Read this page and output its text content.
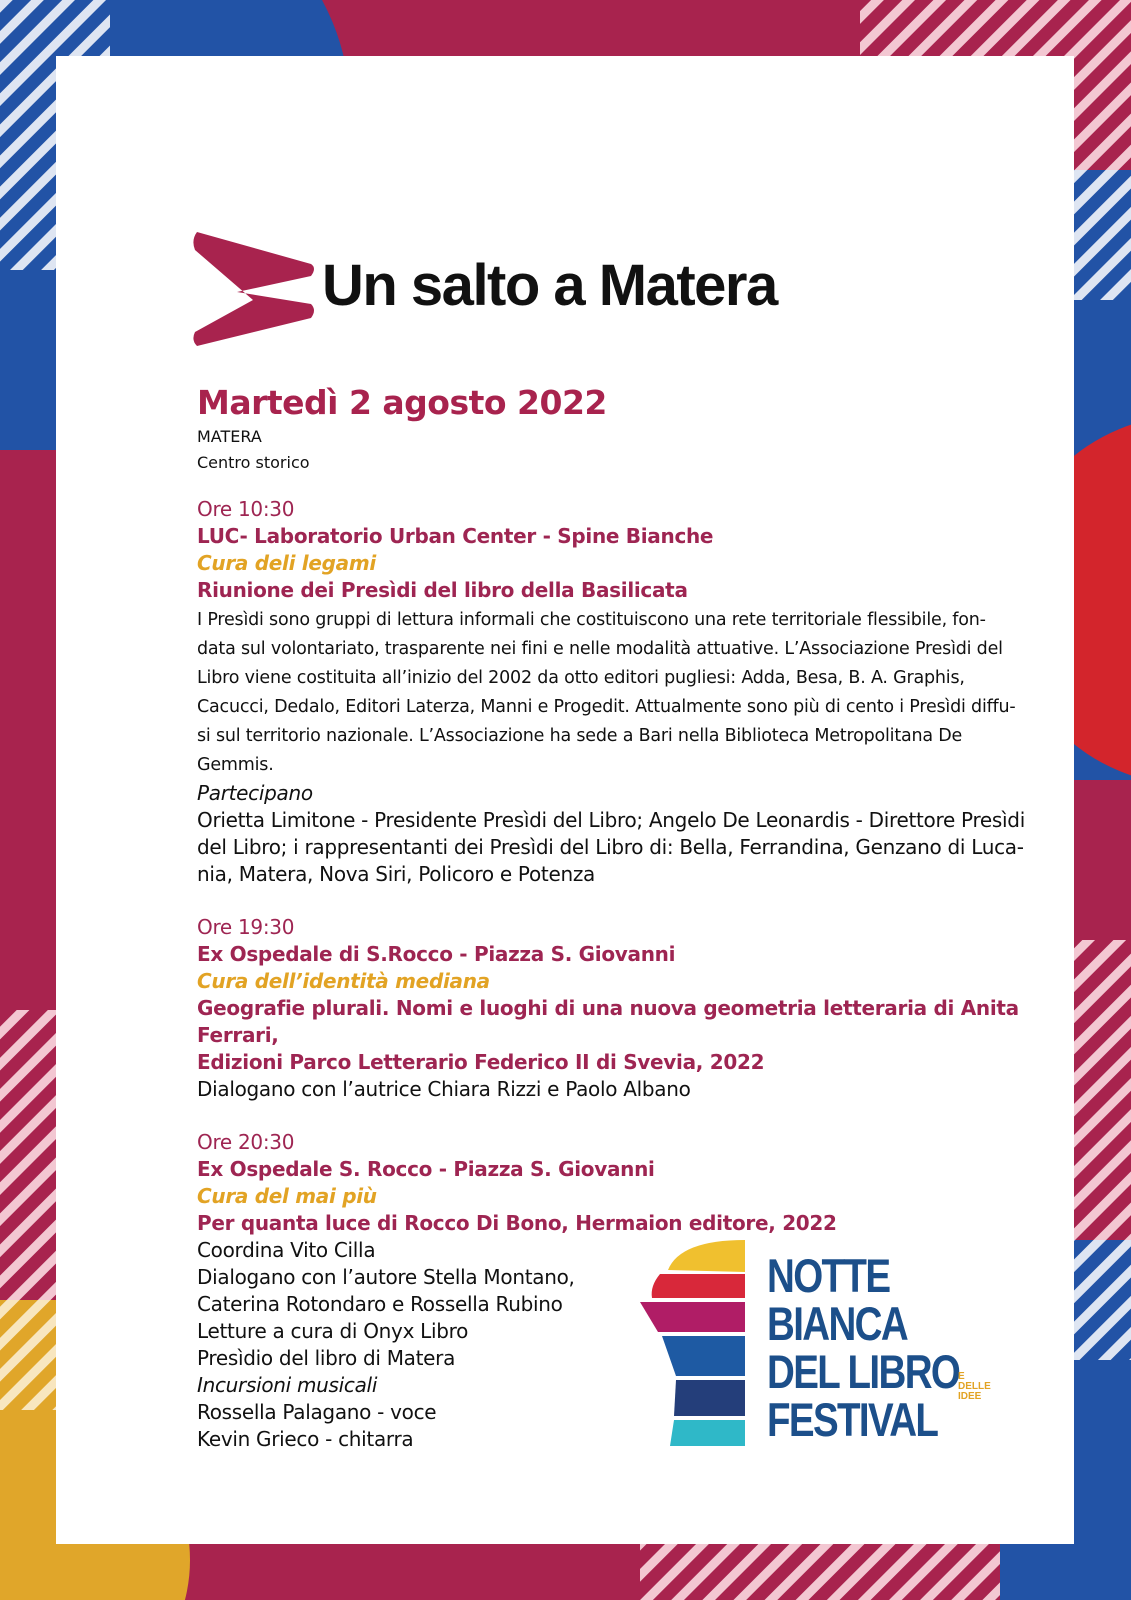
Un salto a Matera
Martedì 2 agosto 2022
MATERA
Centro storico
Ore 10:30
LUC- Laboratorio Urban Center - Spine Bianche
Cura deli legami
Riunione dei Presìdi del libro della Basilicata
I Presìdi sono gruppi di lettura informali che costituiscono una rete territoriale flessibile, fon-
data sul volontariato, trasparente nei fini e nelle modalità attuative. L’Associazione Presìdi del
Libro viene costituita all’inizio del 2002 da otto editori pugliesi: Adda, Besa, B. A. Graphis,
Cacucci, Dedalo, Editori Laterza, Manni e Progedit. Attualmente sono più di cento i Presìdi diffu-
si sul territorio nazionale. L’Associazione ha sede a Bari nella Biblioteca Metropolitana De
Gemmis.
Partecipano
Orietta Limitone - Presidente Presìdi del Libro; Angelo De Leonardis - Direttore Presìdi
del Libro; i rappresentanti dei Presìdi del Libro di: Bella, Ferrandina, Genzano di Luca-
nia, Matera, Nova Siri, Policoro e Potenza
Ore 19:30
Ex Ospedale di S.Rocco - Piazza S. Giovanni
Cura dell’identità mediana
Geografie plurali. Nomi e luoghi di una nuova geometria letteraria di Anita Ferrari,
Edizioni Parco Letterario Federico II di Svevia, 2022
Dialogano con l’autrice Chiara Rizzi e Paolo Albano
Ore 20:30
Ex Ospedale S. Rocco - Piazza S. Giovanni
Cura del mai più
Per quanta luce di Rocco Di Bono, Hermaion editore, 2022
Coordina Vito Cilla
Dialogano con l’autore Stella Montano,
Caterina Rotondaro e Rossella Rubino
Letture a cura di Onyx Libro
Presìdio del libro di Matera
Incursioni musicali
Rossella Palagano - voce
Kevin Grieco - chitarra
NOTTE
BIANCA
DEL LIBRO
FESTIVAL
E
DELLE
IDEE
